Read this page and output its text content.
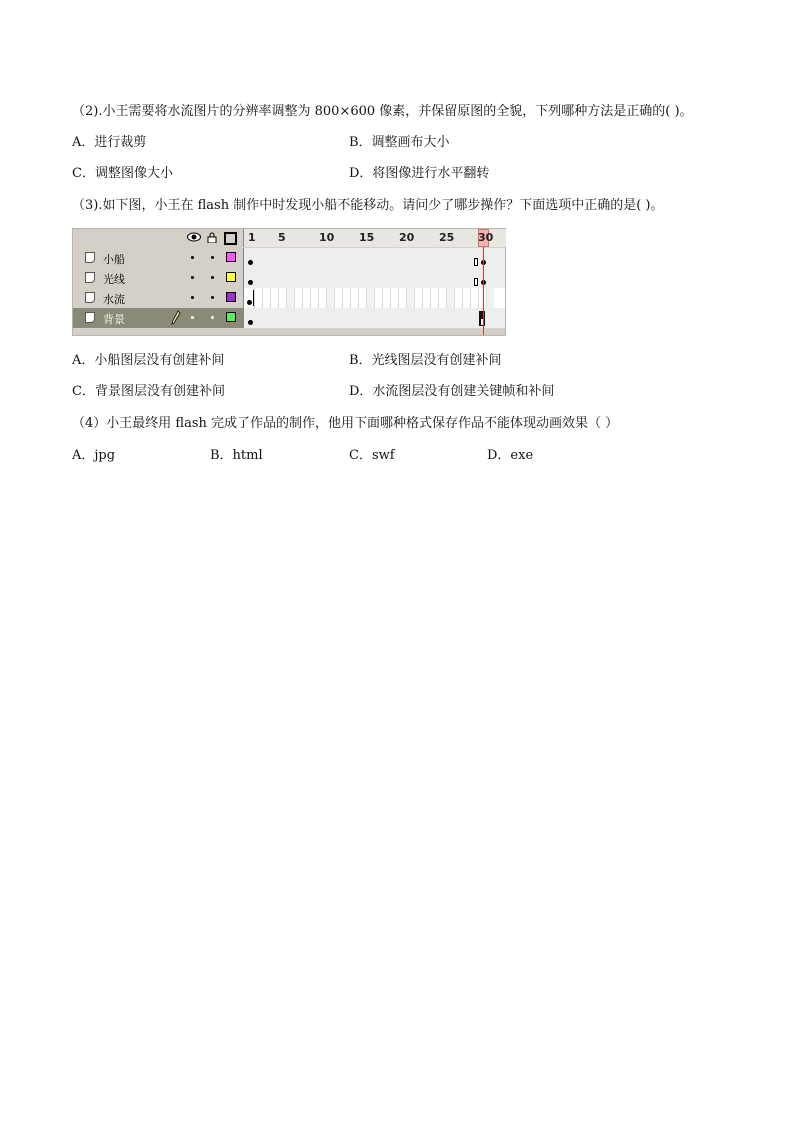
（2).小王需要将水流图片的分辨率调整为 800×600 像素，并保留原图的全貌，下列哪种方法是正确的( )。
A．进行裁剪	B．调整画布大小
C．调整图像大小	D．将图像进行水平翻转
（3).如下图，小王在 flash 制作中时发现小船不能移动。请问少了哪步操作？下面选项中正确的是( )。
1 5	10 15 20 25 30
小船
光线
水流
背景
A．小船图层没有创建补间	B．光线图层没有创建补间
C．背景图层没有创建补间	D．水流图层没有创建关键帧和补间
（4）小王最终用 flash 完成了作品的制作，他用下面哪种格式保存作品不能体现动画效果（ ）
A．jpg	B．html	C．swf	D．exe
